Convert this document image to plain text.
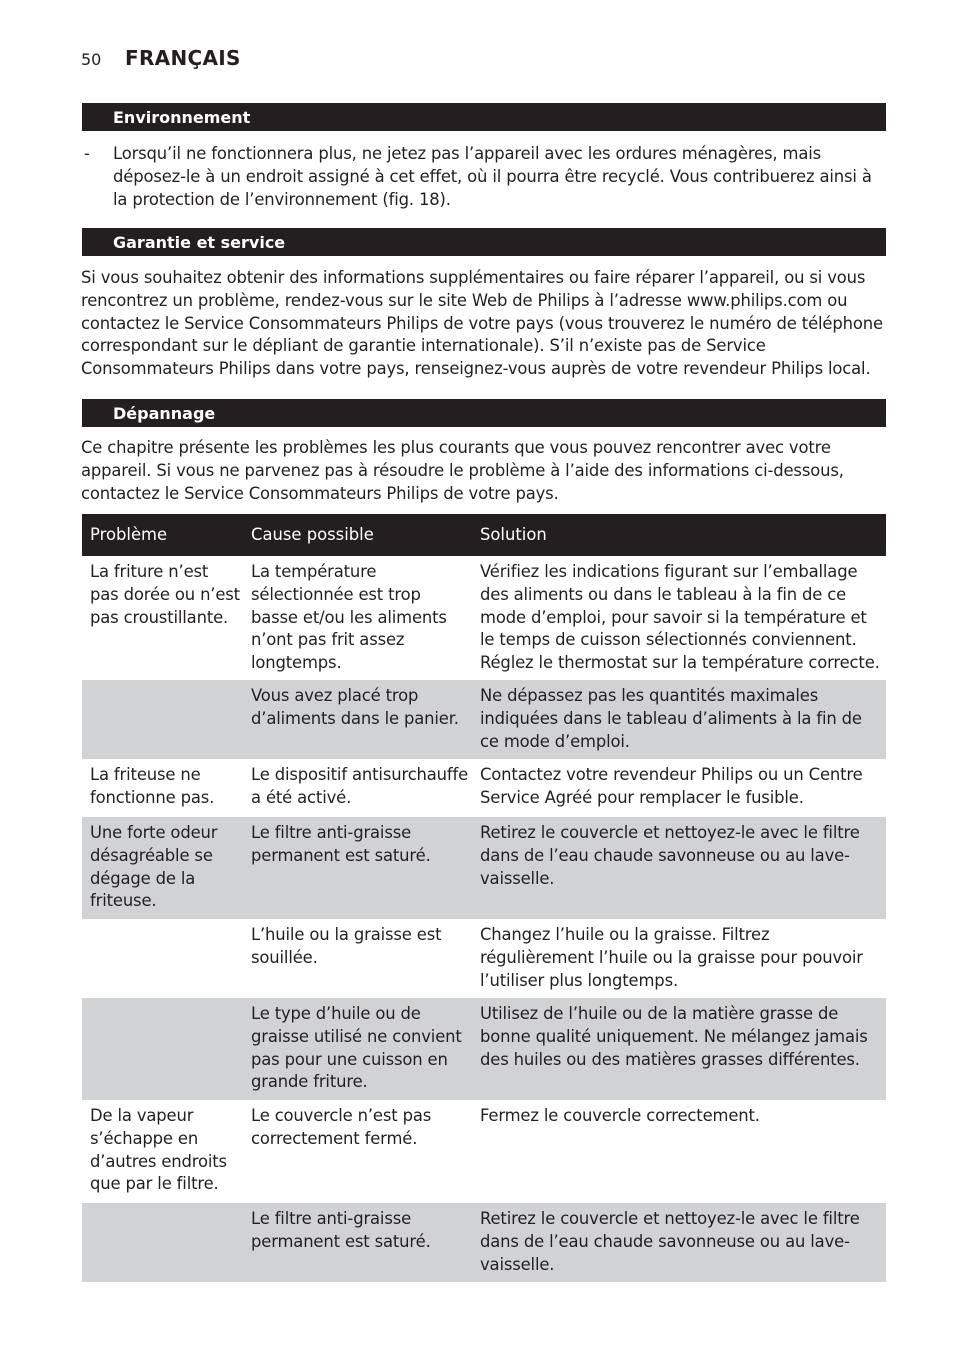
50 FRANÇAIS
Environnement
- Lorsqu’il ne fonctionnera plus, ne jetez pas l’appareil avec les ordures ménagères, mais déposez-le à un endroit assigné à cet effet, où il pourra être recyclé. Vous contribuerez ainsi à la protection de l’environnement (fig. 18).
Garantie et service
Si vous souhaitez obtenir des informations supplémentaires ou faire réparer l’appareil, ou si vous rencontrez un problème, rendez-vous sur le site Web de Philips à l’adresse www.philips.com ou contactez le Service Consommateurs Philips de votre pays (vous trouverez le numéro de téléphone correspondant sur le dépliant de garantie internationale). S’il n’existe pas de Service Consommateurs Philips dans votre pays, renseignez-vous auprès de votre revendeur Philips local.
Dépannage
Ce chapitre présente les problèmes les plus courants que vous pouvez rencontrer avec votre appareil. Si vous ne parvenez pas à résoudre le problème à l’aide des informations ci-dessous, contactez le Service Consommateurs Philips de votre pays.
Problème	Cause possible	Solution
La friture n’est pas dorée ou n’est pas croustillante.
La température sélectionnée est trop basse et/ou les aliments n’ont pas frit assez longtemps.
Vérifiez les indications figurant sur l’emballage des aliments ou dans le tableau à la fin de ce mode d’emploi, pour savoir si la température et le temps de cuisson sélectionnés conviennent. Réglez le thermostat sur la température correcte.
Vous avez placé trop d’aliments dans le panier.
Ne dépassez pas les quantités maximales indiquées dans le tableau d’aliments à la fin de ce mode d’emploi.
La friteuse ne fonctionne pas.
Le dispositif antisurchauffe a été activé.
Contactez votre revendeur Philips ou un Centre Service Agréé pour remplacer le fusible.
Une forte odeur désagréable se dégage de la friteuse.
Le filtre anti-graisse permanent est saturé.
Retirez le couvercle et nettoyez-le avec le filtre dans de l’eau chaude savonneuse ou au lave-vaisselle.
L’huile ou la graisse est souillée.
Changez l’huile ou la graisse. Filtrez régulièrement l’huile ou la graisse pour pouvoir l’utiliser plus longtemps.
Le type d’huile ou de graisse utilisé ne convient pas pour une cuisson en grande friture.
Utilisez de l’huile ou de la matière grasse de bonne qualité uniquement. Ne mélangez jamais des huiles ou des matières grasses différentes.
De la vapeur s’échappe en d’autres endroits que par le filtre.
Le couvercle n’est pas correctement fermé.
Fermez le couvercle correctement.
Le filtre anti-graisse permanent est saturé.
Retirez le couvercle et nettoyez-le avec le filtre dans de l’eau chaude savonneuse ou au lave-vaisselle.
